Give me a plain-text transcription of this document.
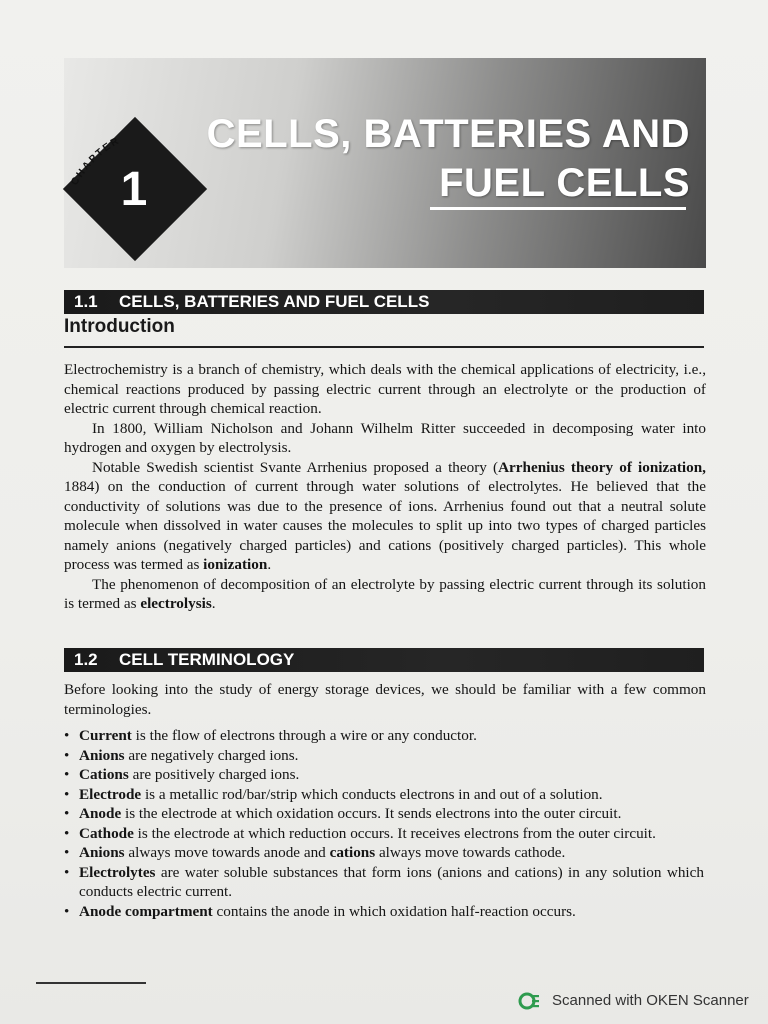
1
CHAPTER CELLS, BATTERIES AND

FUEL CELLS
1.1 CELLS, BATTERIES AND FUEL CELLS
Introduction

Electrochemistry is a branch of chemistry, which deals with the chemical applications of electricity, i.e., chemical reactions produced by passing electric current through an electrolyte or the production of electric current through chemical reaction.

In 1800, William Nicholson and Johann Wilhelm Ritter succeeded in decomposing water into hydrogen and oxygen by electrolysis.

Notable Swedish scientist Svante Arrhenius proposed a theory (Arrhenius theory of ionization, 1884) on the conduction of current through water solutions of electrolytes. He believed that the conductivity of solutions was due to the presence of ions. Arrhenius found out that a neutral solute molecule when dissolved in water causes the molecules to split up into two types of charged particles namely anions (negatively charged particles) and cations (positively charged particles). This whole process was termed as ionization.

The phenomenon of decomposition of an electrolyte by passing electric current through its solution is termed as electrolysis.

1.2 CELL TERMINOLOGY

Before looking into the study of energy storage devices, we should be familiar with a few common terminologies.

• Current is the flow of electrons through a wire or any conductor.
• Anions are negatively charged ions.
• Cations are positively charged ions.
• Electrode is a metallic rod/bar/strip which conducts electrons in and out of a solution.
• Anode is the electrode at which oxidation occurs. It sends electrons into the outer circuit.
• Cathode is the electrode at which reduction occurs. It receives electrons from the outer circuit.
• Anions always move towards anode and cations always move towards cathode.
• Electrolytes are water soluble substances that form ions (anions and cations) in any solution which conducts electric current.
• Anode compartment contains the anode in which oxidation half-reaction occurs.
Scanned with OKEN Scanner
